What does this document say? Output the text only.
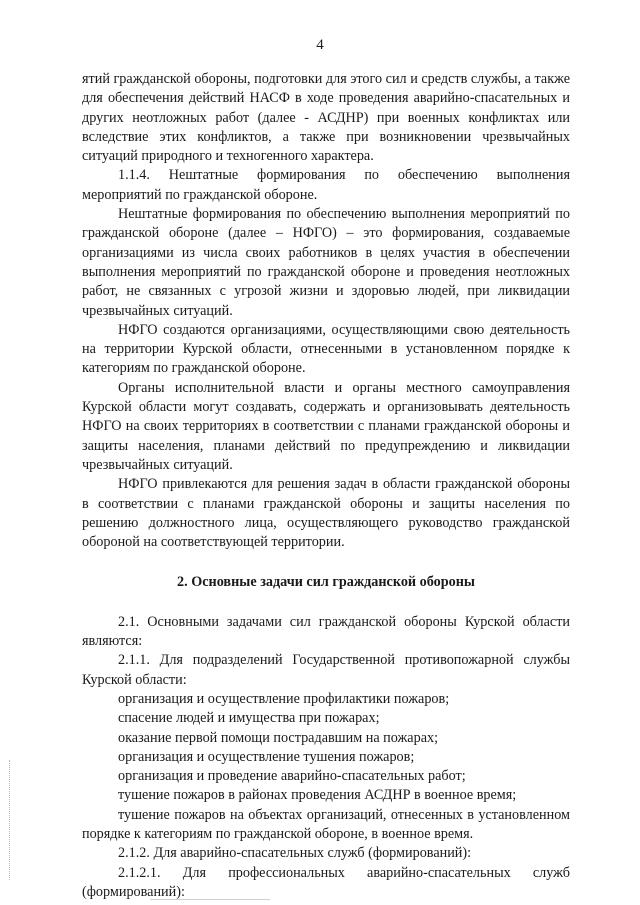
4

ятий гражданской обороны, подготовки для этого сил и средств службы, а также для обеспечения действий НАСФ в ходе проведения аварийно-спасательных и других неотложных работ (далее - АСДНР) при военных конфликтах или вследствие этих конфликтов, а также при возникновении чрезвычайных ситуаций природного и техногенного характера.

1.1.4. Нештатные формирования по обеспечению выполнения мероприятий по гражданской обороне.

Нештатные формирования по обеспечению выполнения мероприятий по гражданской обороне (далее – НФГО) – это формирования, создаваемые организациями из числа своих работников в целях участия в обеспечении выполнения мероприятий по гражданской обороне и проведения неотложных работ, не связанных с угрозой жизни и здоровью людей, при ликвидации чрезвычайных ситуаций.

НФГО создаются организациями, осуществляющими свою деятельность на территории Курской области, отнесенными в установленном порядке к категориям по гражданской обороне.

Органы исполнительной власти и органы местного самоуправления Курской области могут создавать, содержать и организовывать деятельность НФГО на своих территориях в соответствии с планами гражданской обороны и защиты населения, планами действий по предупреждению и ликвидации чрезвычайных ситуаций.

НФГО привлекаются для решения задач в области гражданской обороны в соответствии с планами гражданской обороны и защиты населения по решению должностного лица, осуществляющего руководство гражданской обороной на соответствующей территории.

2. Основные задачи сил гражданской обороны

2.1. Основными задачами сил гражданской обороны Курской области являются:

2.1.1. Для подразделений Государственной противопожарной службы Курской области:

организация и осуществление профилактики пожаров;

спасение людей и имущества при пожарах;

оказание первой помощи пострадавшим на пожарах;

организация и осуществление тушения пожаров;

организация и проведение аварийно-спасательных работ;

тушение пожаров в районах проведения АСДНР в военное время;

тушение пожаров на объектах организаций, отнесенных в установленном порядке к категориям по гражданской обороне, в военное время.

2.1.2. Для аварийно-спасательных служб (формирований):

2.1.2.1. Для профессиональных аварийно-спасательных служб (формирований):
